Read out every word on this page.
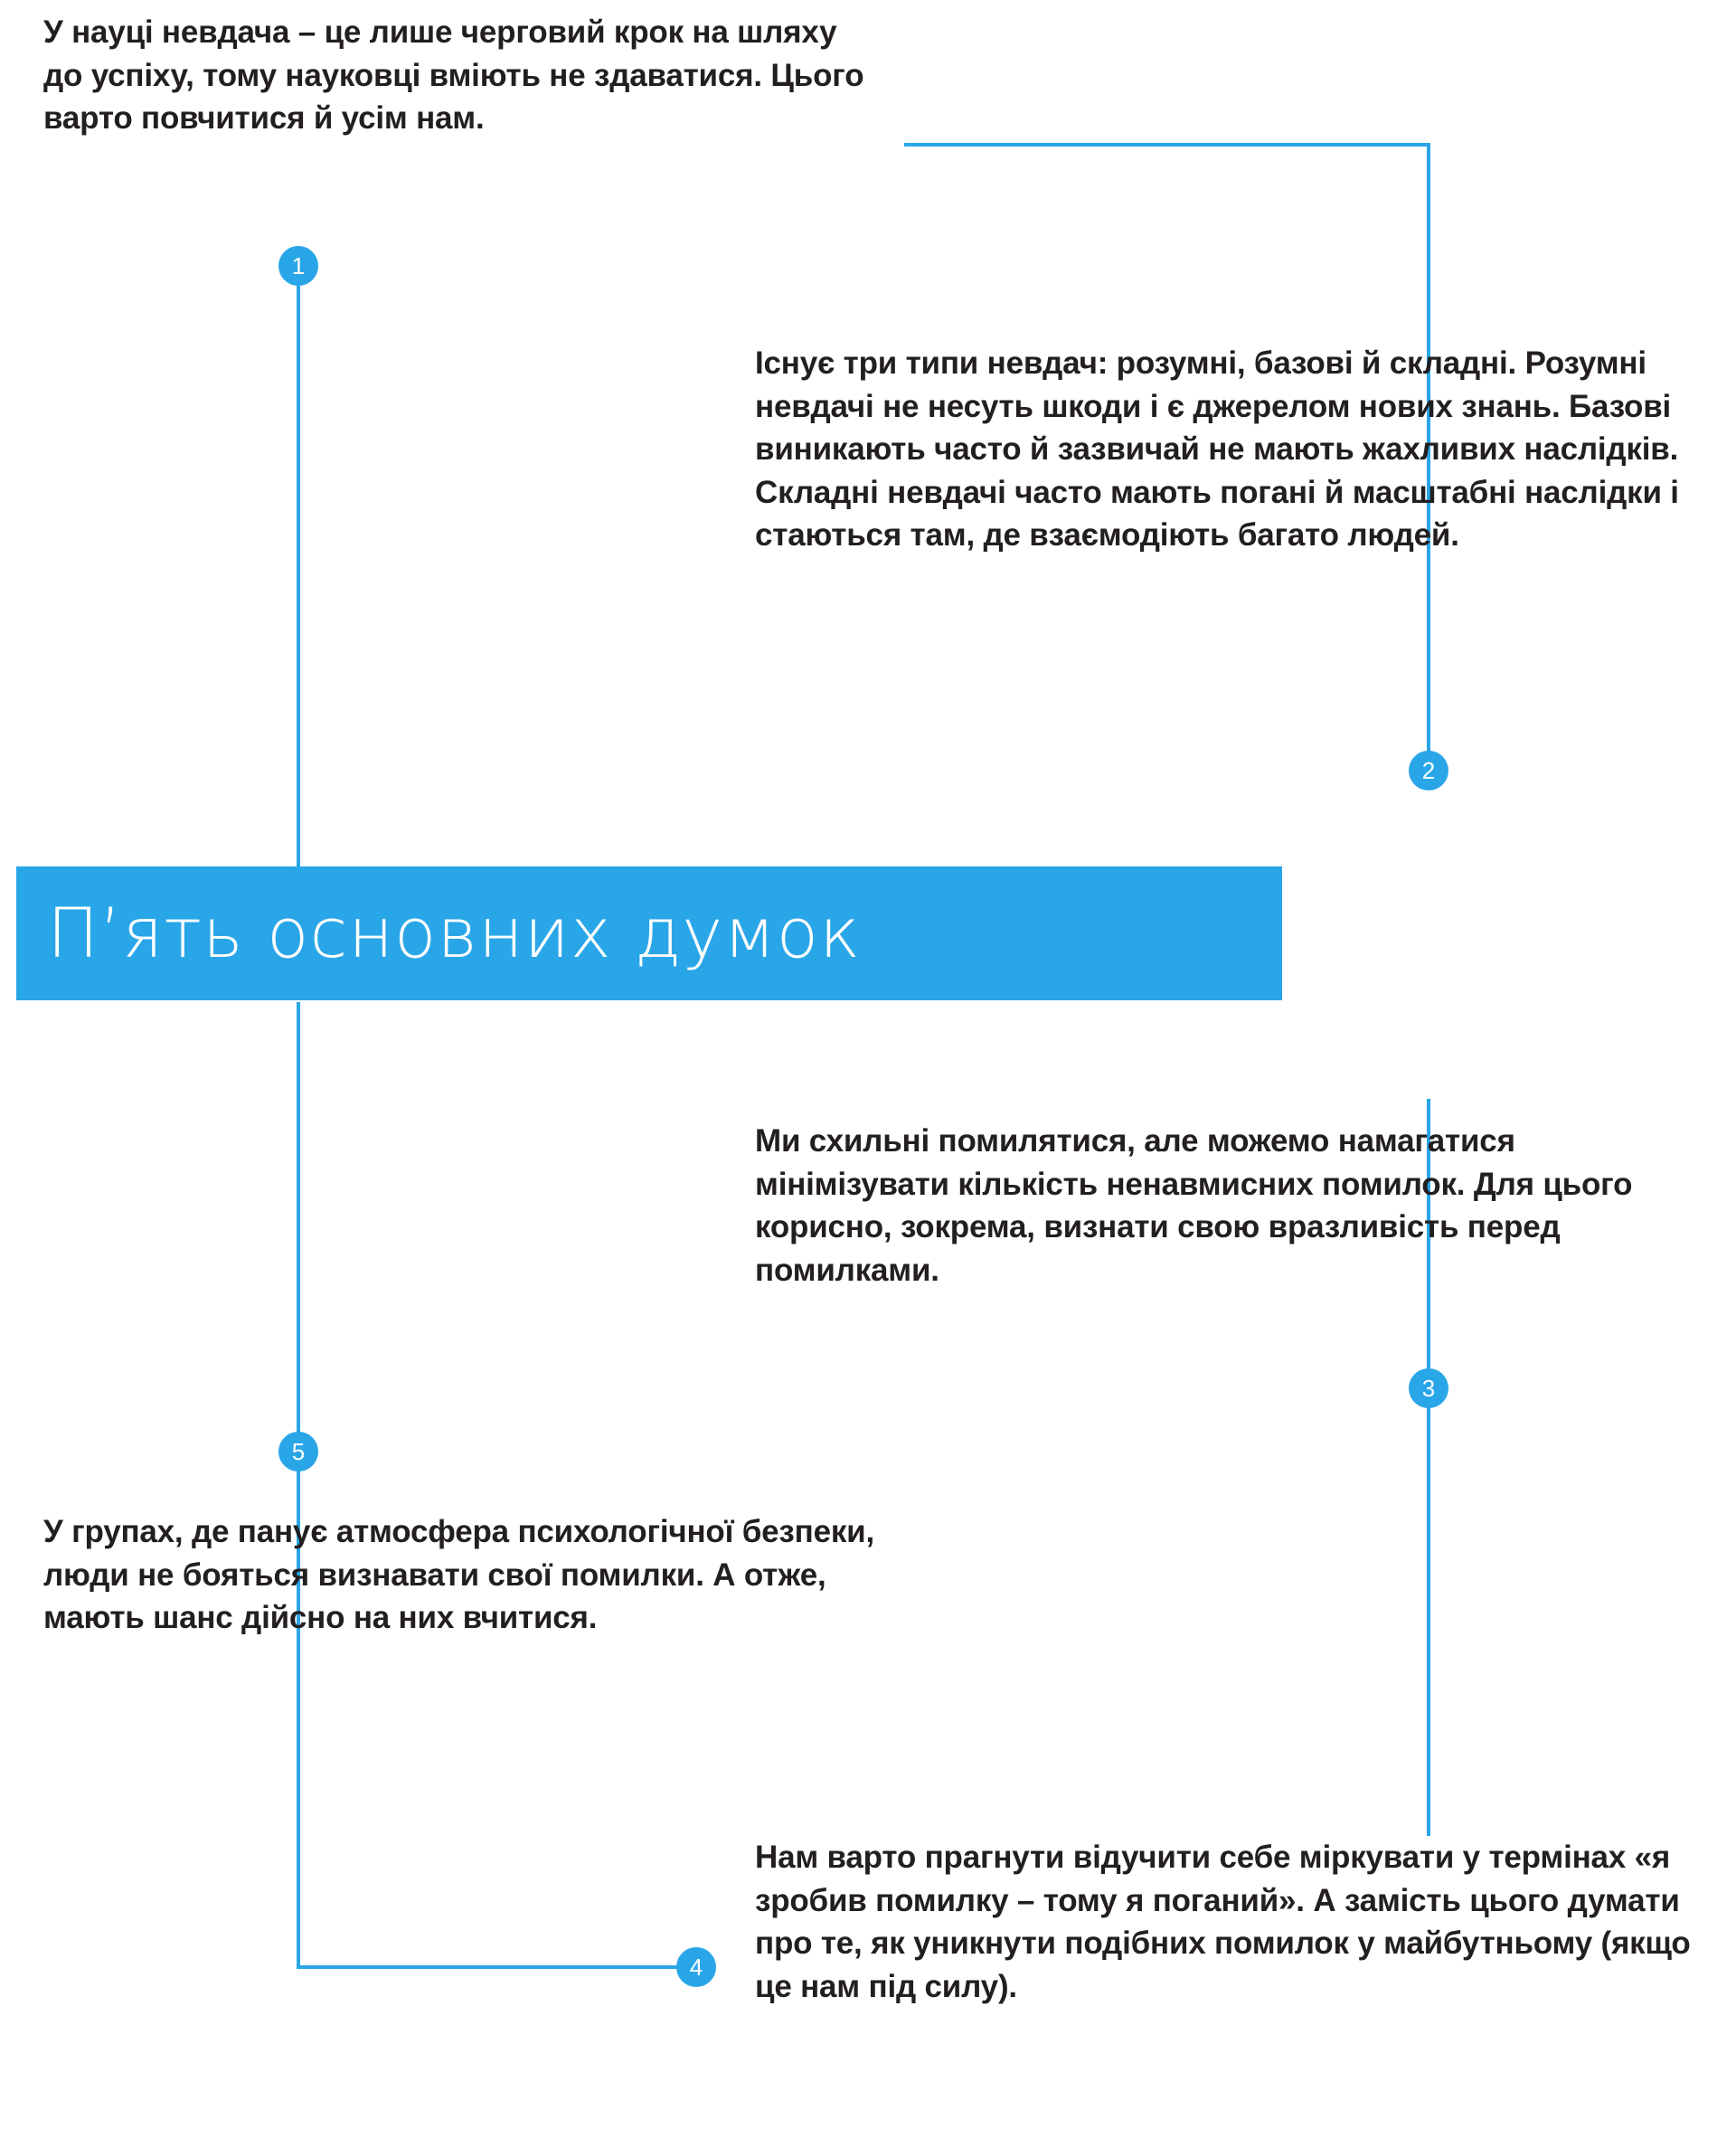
П’ять основних думок
У науці невдача – це лише черговий крок на шляху до успіху, тому науковці вміють не здаватися. Цього варто повчитися й усім нам.
Існує три типи невдач: розумні, базові й складні. Розумні невдачі не несуть шкоди і є джерелом нових знань. Базові виникають часто й зазвичай не мають жахливих наслідків. Складні невдачі часто мають погані й масштабні наслідки і стаються там, де взаємодіють багато людей.
Ми схильні помилятися, але можемо намагатися мінімізувати кількість ненавмисних помилок. Для цього корисно, зокрема, визнати свою вразливість перед помилками.
Нам варто прагнути відучити себе міркувати у термінах «я зробив помилку – тому я поганий». А замість цього думати про те, як уникнути подібних помилок у майбутньому (якщо це нам під силу).
У групах, де панує атмосфера психологічної безпеки, люди не бояться визнавати свої помилки. А отже, мають шанс дійсно на них вчитися.
1
2
3
4
5
